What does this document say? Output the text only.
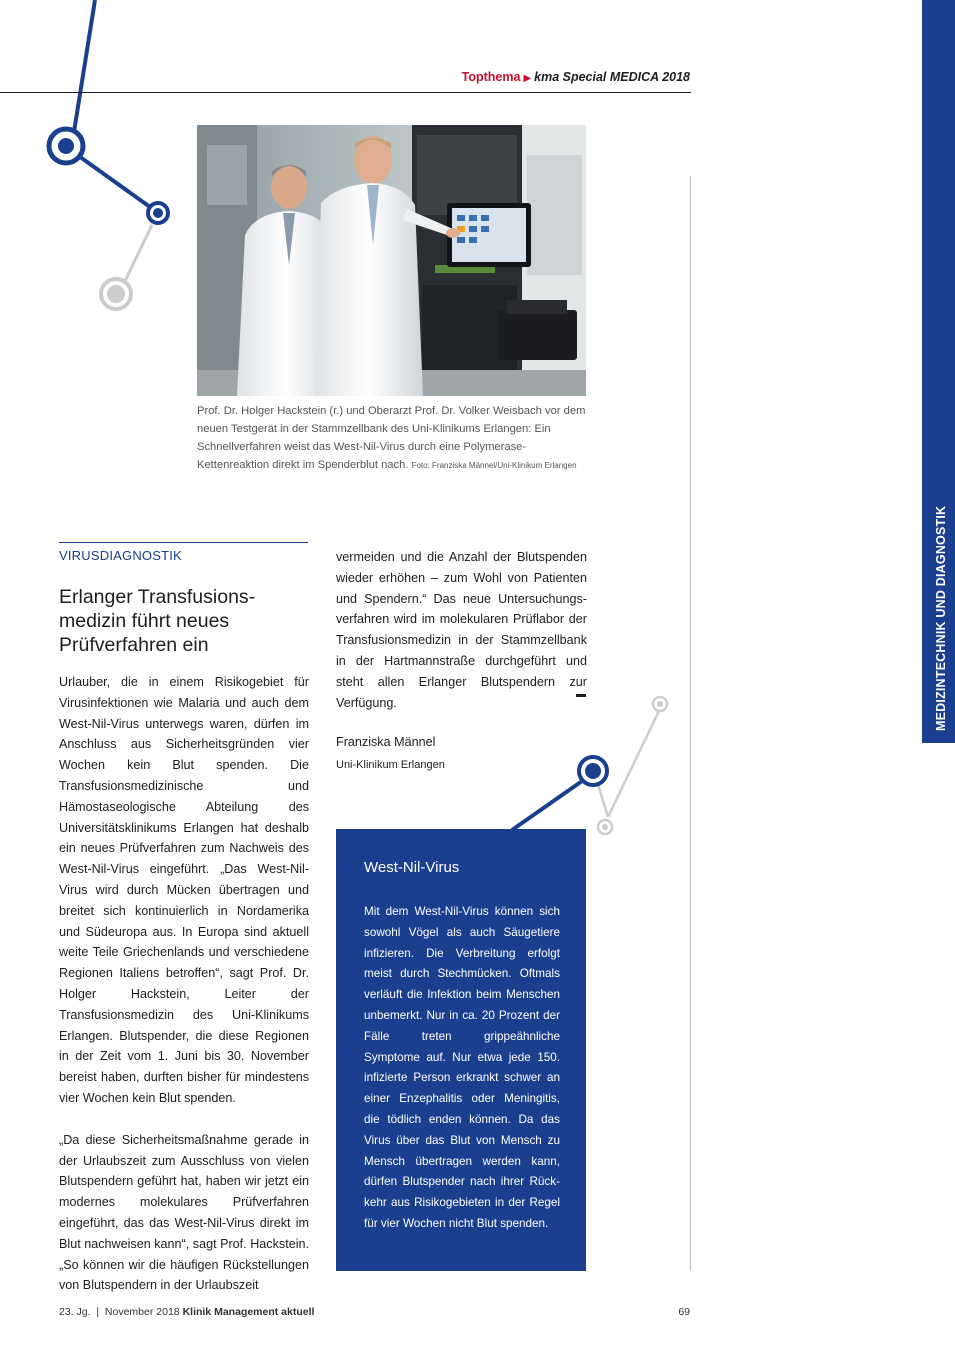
Topthema ▶ kma Special MEDICA 2018
MEDIZINTECHNIK UND DIAGNOSTIK
Prof. Dr. Holger Hackstein (r.) und Oberarzt Prof. Dr. Volker Weisbach vor dem neuen Testgerät in der Stammzellbank des Uni-Klinikums Erlangen: Ein Schnellverfahren weist das West-Nil-Virus durch eine Polymerase-Kettenreaktion direkt im Spenderblut nach. Foto: Franziska Männel/Uni-Klinikum Erlangen
VIRUSDIAGNOSTIK
Erlanger Transfusionsmedizin führt neues Prüfverfahren ein

Urlauber, die in einem Risikogebiet für Virusinfektionen wie Malaria und auch dem West-Nil-Virus unterwegs waren, dürfen im Anschluss aus Sicherheitsgründen vier Wochen kein Blut spenden. Die Transfusionsmedizinische und Hämostaseologische Abteilung des Universitätsklinikums Erlangen hat deshalb ein neues Prüfverfahren zum Nachweis des West-Nil-Virus eingeführt. „Das West-Nil-Virus wird durch Mücken übertragen und breitet sich kontinuierlich in Nordamerika und Südeuropa aus. In Europa sind aktuell weite Teile Griechenlands und verschiedene Regionen Italiens betroffen“, sagt Prof. Dr. Holger Hackstein, Leiter der Transfusionsmedizin des Uni-Klinikums Erlangen. Blutspender, die diese Regionen in der Zeit vom 1. Juni bis 30. November bereist haben, durften bisher für mindestens vier Wochen kein Blut spenden.

„Da diese Sicherheitsmaßnahme gerade in der Urlaubszeit zum Ausschluss von vielen Blutspendern geführt hat, haben wir jetzt ein modernes molekulares Prüfverfahren eingeführt, das das West-Nil-Virus direkt im Blut nachweisen kann“, sagt Prof. Hackstein. „So können wir die häufigen Rückstellungen von Blutspendern in der Urlaubszeit

vermeiden und die Anzahl der Blutspenden wieder erhöhen – zum Wohl von Patienten und Spendern.“ Das neue Untersuchungsverfahren wird im molekularen Prüflabor der Transfusionsmedizin in der Stammzellbank in der Hartmannstraße durchgeführt und steht allen Erlanger Blutspendern zur Verfügung.

Franziska Männel
Uni-Klinikum Erlangen
West-Nil-Virus
Mit dem West-Nil-Virus können sich sowohl Vögel als auch Säugetiere infizieren. Die Verbreitung erfolgt meist durch Stechmücken. Oftmals verläuft die Infektion beim Menschen unbemerkt. Nur in ca. 20 Prozent der Fälle treten grippeähnliche Symptome auf. Nur etwa jede 150. infizierte Person erkrankt schwer an einer Enzephalitis oder Meningitis, die tödlich enden können. Da das Virus über das Blut von Mensch zu Mensch übertragen werden kann, dürfen Blutspender nach ihrer Rückkehr aus Risikogebieten in der Regel für vier Wochen nicht Blut spenden.
23. Jg.  |  November 2018 Klinik Management aktuell	69
